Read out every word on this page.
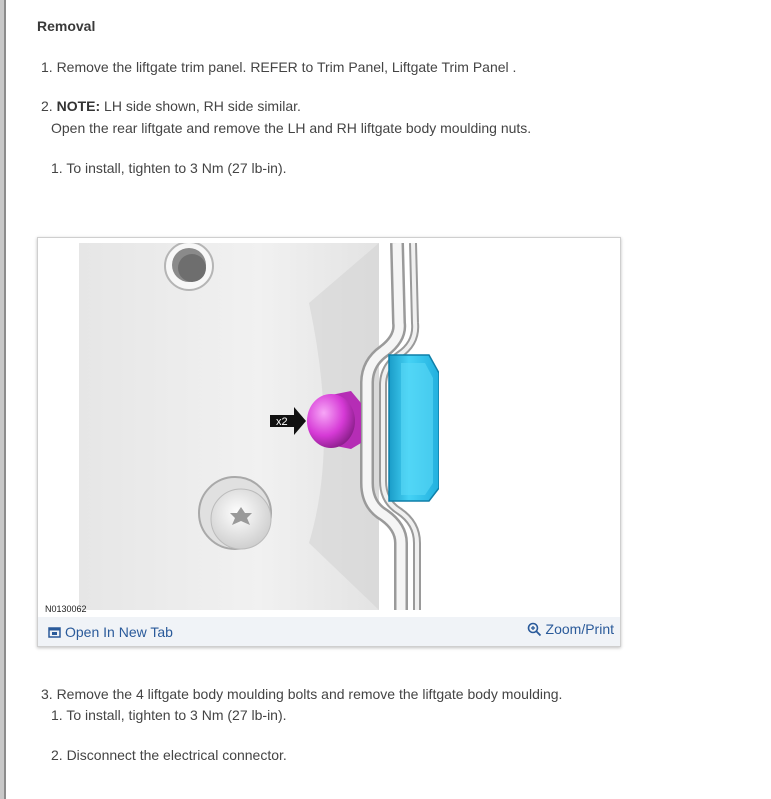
Removal
1. Remove the liftgate trim panel. REFER to Trim Panel, Liftgate Trim Panel .
2. NOTE: LH side shown, RH side similar.
Open the rear liftgate and remove the LH and RH liftgate body moulding nuts.
1. To install, tighten to 3 Nm (27 lb-in).
x2
N0130062
Open In New Tab	Zoom/Print
3. Remove the 4 liftgate body moulding bolts and remove the liftgate body moulding.
1. To install, tighten to 3 Nm (27 lb-in).
2. Disconnect the electrical connector.
